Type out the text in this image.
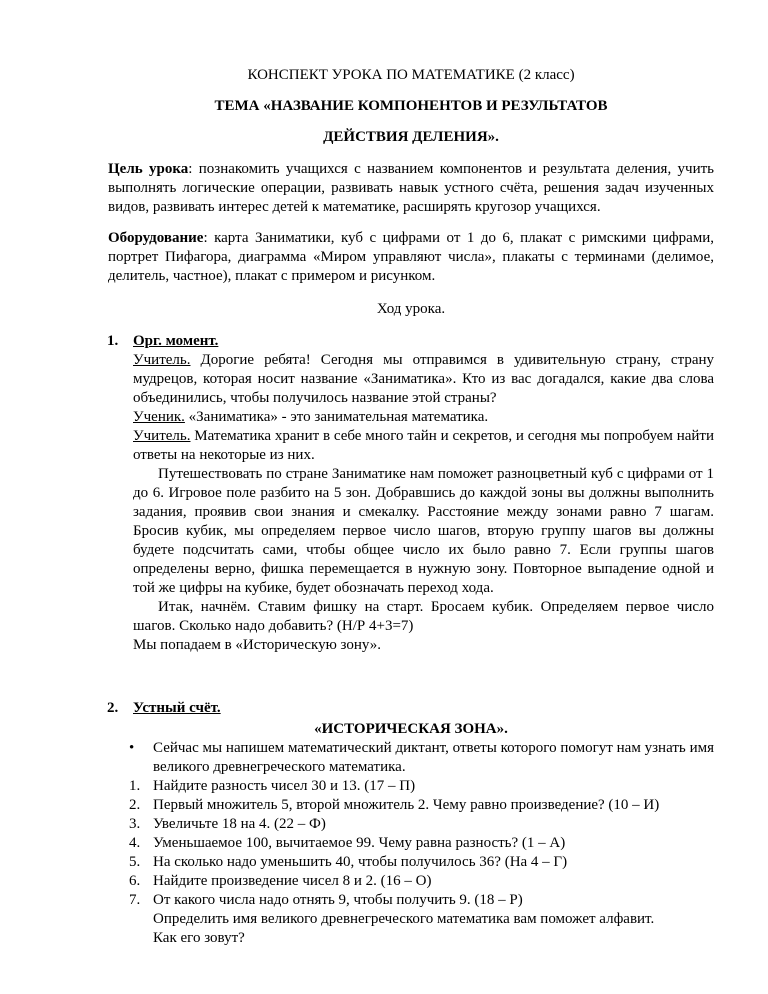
КОНСПЕКТ УРОКА ПО МАТЕМАТИКЕ (2 класс)

ТЕМА «НАЗВАНИЕ КОМПОНЕНТОВ И РЕЗУЛЬТАТОВ

ДЕЙСТВИЯ ДЕЛЕНИЯ».

Цель урока: познакомить учащихся с названием компонентов и результата деления, учить выполнять логические операции, развивать навык устного счёта, решения задач изученных видов, развивать интерес детей к математике, расширять кругозор учащихся.

Оборудование: карта Заниматики, куб с цифрами от 1 до 6, плакат с римскими цифрами, портрет Пифагора, диаграмма «Миром управляют числа», плакаты с терминами (делимое, делитель, частное), плакат с примером и рисунком.

Ход урока.

1. Орг. момент.

Учитель. Дорогие ребята! Сегодня мы отправимся в удивительную страну, страну мудрецов, которая носит название «Заниматика». Кто из вас догадался, какие два слова объединились, чтобы получилось название этой страны?

Ученик. «Заниматика» - это занимательная математика.

Учитель. Математика хранит в себе много тайн и секретов, и сегодня мы попробуем найти ответы на некоторые из них.

Путешествовать по стране Заниматике нам поможет разноцветный куб с цифрами от 1 до 6. Игровое поле разбито на 5 зон. Добравшись до каждой зоны вы должны выполнить задания, проявив свои знания и смекалку. Расстояние между зонами равно 7 шагам. Бросив кубик, мы определяем первое число шагов, вторую группу шагов вы должны будете подсчитать сами, чтобы общее число их было равно 7. Если группы шагов определены верно, фишка перемещается в нужную зону. Повторное выпадение одной и той же цифры на кубике, будет обозначать переход хода.

Итак, начнём. Ставим фишку на старт. Бросаем кубик. Определяем первое число шагов. Сколько надо добавить? (Н/Р 4+3=7)

Мы попадаем в «Историческую зону».

2. Устный счёт.

«ИСТОРИЧЕСКАЯ ЗОНА».

• Сейчас мы напишем математический диктант, ответы которого помогут нам узнать имя великого древнегреческого математика.

1. Найдите разность чисел 30 и 13. (17 – П)
2. Первый множитель 5, второй множитель 2. Чему равно произведение? (10 – И)
3. Увеличьте 18 на 4. (22 – Ф)
4. Уменьшаемое 100, вычитаемое 99. Чему равна разность? (1 – А)
5. На сколько надо уменьшить 40, чтобы получилось 36? (На 4 – Г)
6. Найдите произведение чисел 8 и 2. (16 – О)
7. От какого числа надо отнять 9, чтобы получить 9. (18 – Р)

Определить имя великого древнегреческого математика вам поможет алфавит.

Как его зовут?
